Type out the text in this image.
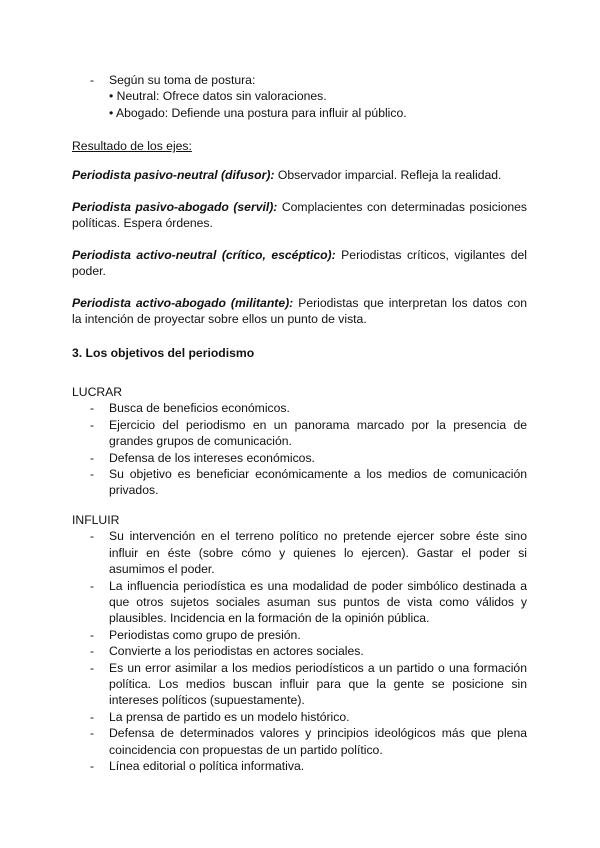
- Según su toma de postura:
• Neutral: Ofrece datos sin valoraciones.
• Abogado: Defiende una postura para influir al público.
Resultado de los ejes:
Periodista pasivo-neutral (difusor): Observador imparcial. Refleja la realidad.
Periodista pasivo-abogado (servil): Complacientes con determinadas posiciones políticas. Espera órdenes.
Periodista activo-neutral (crítico, escéptico): Periodistas críticos, vigilantes del poder.
Periodista activo-abogado (militante): Periodistas que interpretan los datos con la intención de proyectar sobre ellos un punto de vista.
3. Los objetivos del periodismo
LUCRAR
- Busca de beneficios económicos.
- Ejercicio del periodismo en un panorama marcado por la presencia de grandes grupos de comunicación.
- Defensa de los intereses económicos.
- Su objetivo es beneficiar económicamente a los medios de comunicación privados.
INFLUIR
- Su intervención en el terreno político no pretende ejercer sobre éste sino influir en éste (sobre cómo y quienes lo ejercen). Gastar el poder si asumimos el poder.
- La influencia periodística es una modalidad de poder simbólico destinada a que otros sujetos sociales asuman sus puntos de vista como válidos y plausibles. Incidencia en la formación de la opinión pública.
- Periodistas como grupo de presión.
- Convierte a los periodistas en actores sociales.
- Es un error asimilar a los medios periodísticos a un partido o una formación política. Los medios buscan influir para que la gente se posicione sin intereses políticos (supuestamente).
- La prensa de partido es un modelo histórico.
- Defensa de determinados valores y principios ideológicos más que plena coincidencia con propuestas de un partido político.
- Línea editorial o política informativa.
